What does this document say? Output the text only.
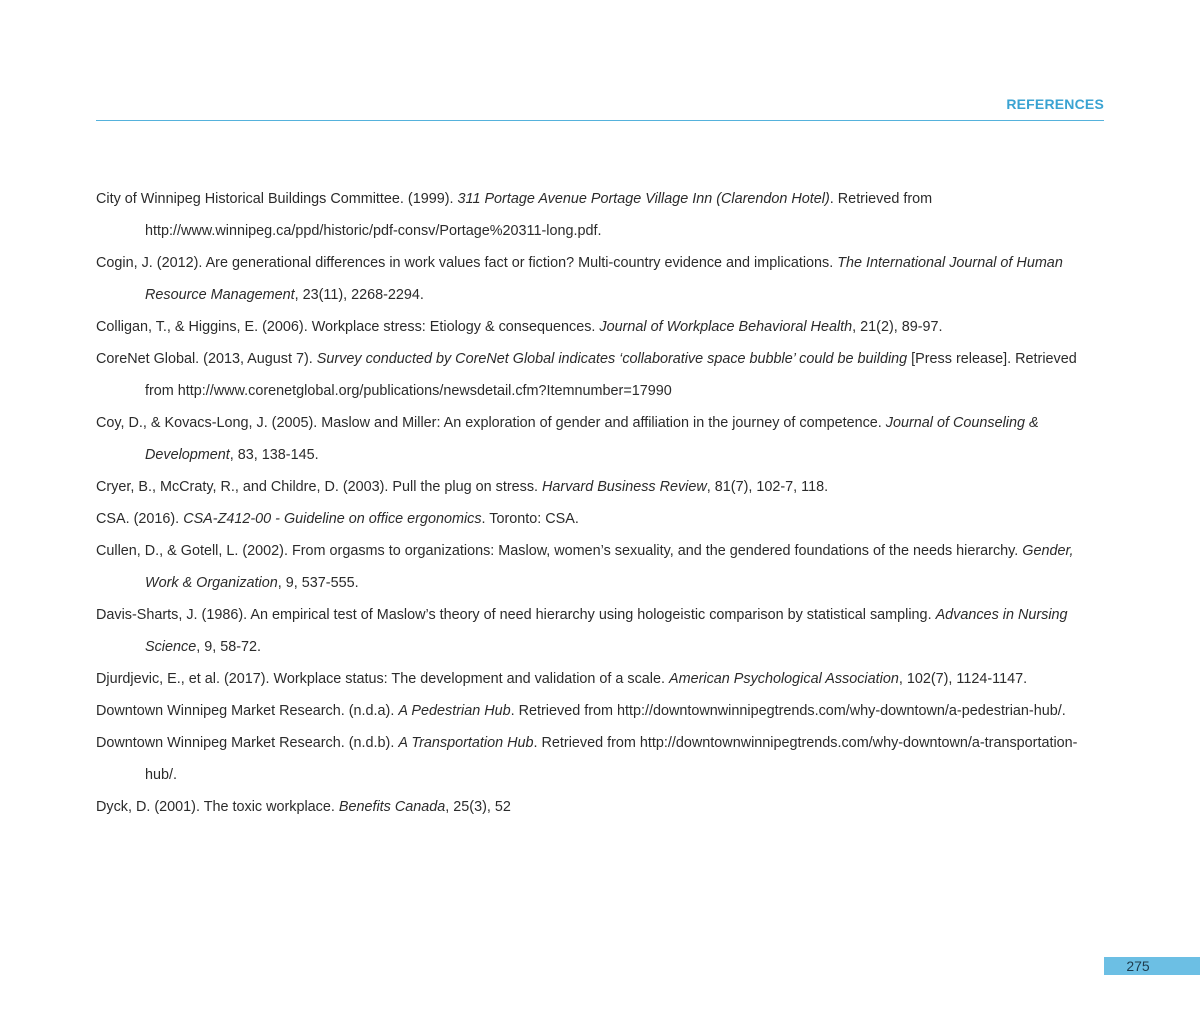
REFERENCES
City of Winnipeg Historical Buildings Committee. (1999). 311 Portage Avenue Portage Village Inn (Clarendon Hotel). Retrieved from http://www.winnipeg.ca/ppd/historic/pdf-consv/Portage%20311-long.pdf.
Cogin, J. (2012). Are generational differences in work values fact or fiction? Multi-country evidence and implications. The International Journal of Human Resource Management, 23(11), 2268-2294.
Colligan, T., & Higgins, E. (2006). Workplace stress: Etiology & consequences. Journal of Workplace Behavioral Health, 21(2), 89-97.
CoreNet Global. (2013, August 7). Survey conducted by CoreNet Global indicates ‘collaborative space bubble’ could be building [Press release]. Retrieved from http://www.corenetglobal.org/publications/newsdetail.cfm?Itemnumber=17990
Coy, D., & Kovacs-Long, J. (2005). Maslow and Miller: An exploration of gender and affiliation in the journey of competence. Journal of Counseling & Development, 83, 138-145.
Cryer, B., McCraty, R., and Childre, D. (2003). Pull the plug on stress. Harvard Business Review, 81(7), 102-7, 118.
CSA. (2016). CSA-Z412-00 - Guideline on office ergonomics. Toronto: CSA.
Cullen, D., & Gotell, L. (2002). From orgasms to organizations: Maslow, women’s sexuality, and the gendered foundations of the needs hierarchy. Gender, Work & Organization, 9, 537-555.
Davis-Sharts, J. (1986). An empirical test of Maslow’s theory of need hierarchy using hologeistic comparison by statistical sampling. Advances in Nursing Science, 9, 58-72.
Djurdjevic, E., et al. (2017). Workplace status: The development and validation of a scale. American Psychological Association, 102(7), 1124-1147.
Downtown Winnipeg Market Research. (n.d.a). A Pedestrian Hub. Retrieved from http://downtownwinnipegtrends.com/why-downtown/a-pedestrian-hub/.
Downtown Winnipeg Market Research. (n.d.b). A Transportation Hub. Retrieved from http://downtownwinnipegtrends.com/why-downtown/a-transportation-hub/.
Dyck, D. (2001). The toxic workplace. Benefits Canada, 25(3), 52
275
